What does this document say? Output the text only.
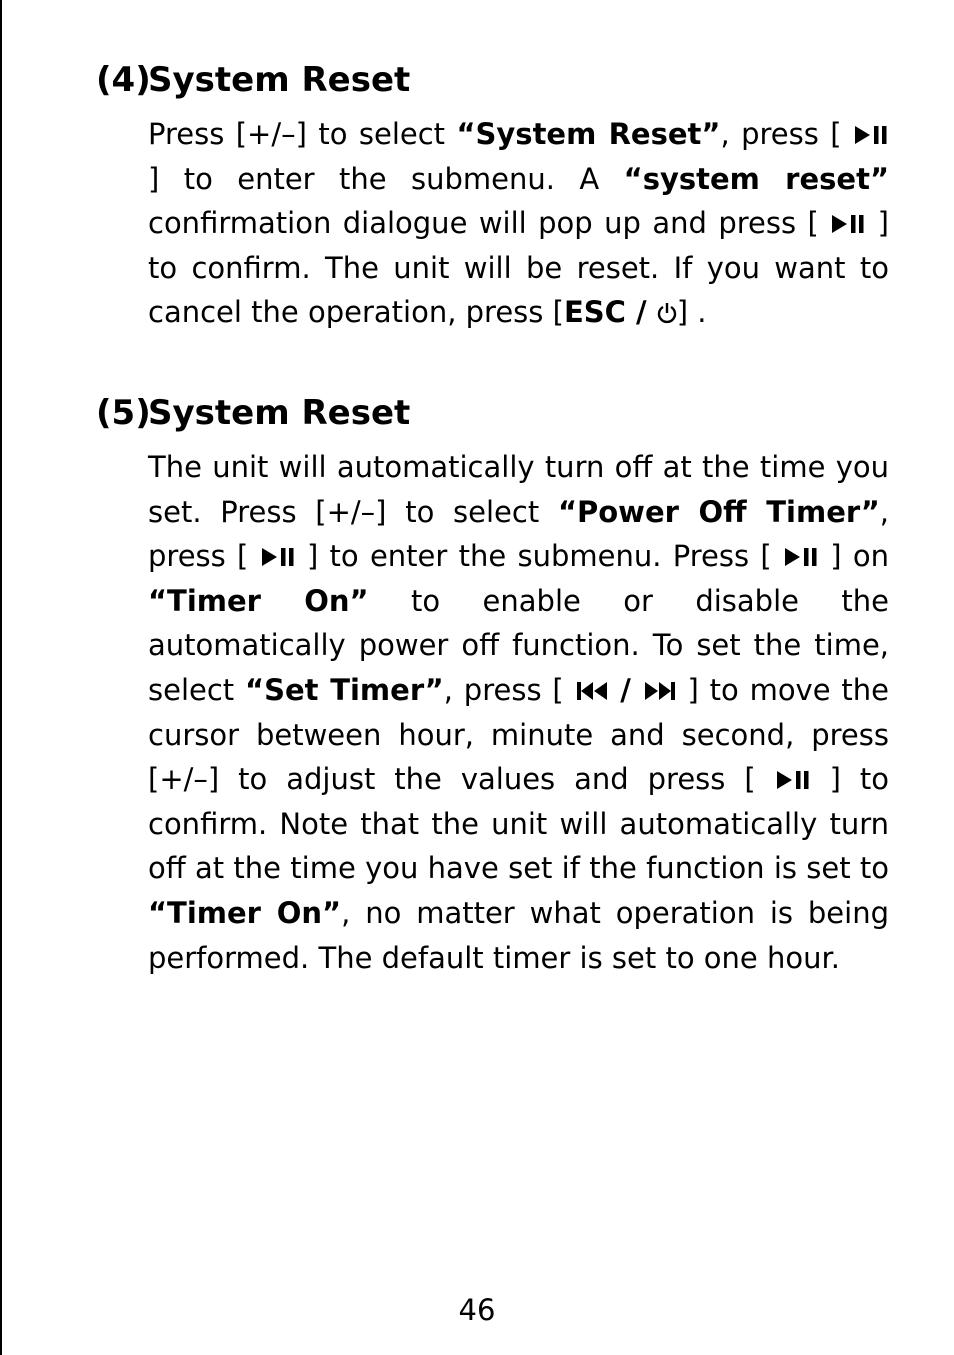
(4)System Reset

Press [+/–] to select “System Reset”, press [  ] to enter the submenu. A “system reset” confirmation dialogue will pop up and press [  ] to confirm. The unit will be reset. If you want to cancel the operation, press [ESC / ] .

(5)System Reset

The unit will automatically turn off at the time you set. Press [+/–] to select “Power Off Timer”, press [  ] to enter the submenu. Press [  ] on “Timer On” to enable or disable the automatically power off function. To set the time, select “Set Timer”, press [  /  ] to move the cursor between hour, minute and second, press [+/–] to adjust the values and press [  ] to confirm. Note that the unit will automatically turn off at the time you have set if the function is set to “Timer On”, no matter what operation is being performed. The default timer is set to one hour.

46
